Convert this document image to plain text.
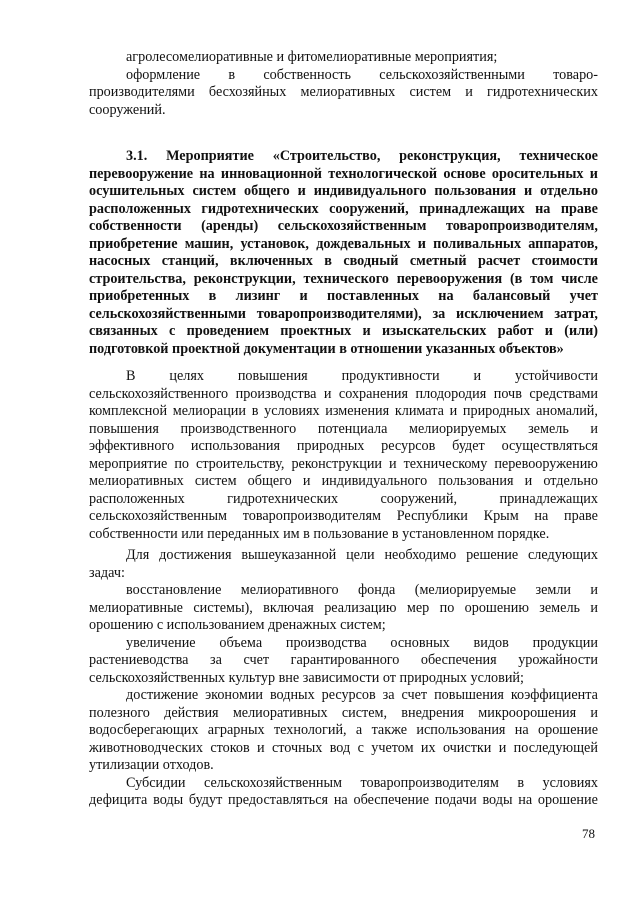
агролесомелиоративные и фитомелиоративные мероприятия;
оформление в собственность сельскохозяйственными товаро-
производителями бесхозяйных мелиоративных систем и гидротехнических
сооружений.
3.1. Мероприятие «Строительство, реконструкция, техническое
перевооружение на инновационной технологической основе оросительных и
осушительных систем общего и индивидуального пользования и отдельно
расположенных гидротехнических сооружений, принадлежащих на праве
собственности (аренды) сельскохозяйственным товаропроизводителям,
приобретение машин, установок, дождевальных и поливальных аппаратов,
насосных станций, включенных в сводный сметный расчет стоимости
строительства, реконструкции, технического перевооружения (в том числе
приобретенных в лизинг и поставленных на балансовый учет
сельскохозяйственными товаропроизводителями), за исключением затрат,
связанных с проведением проектных и изыскательских работ и (или)
подготовкой проектной документации в отношении указанных объектов»
В целях повышения продуктивности и устойчивости
сельскохозяйственного производства и сохранения плодородия почв средствами
комплексной мелиорации в условиях изменения климата и природных аномалий,
повышения производственного потенциала мелиорируемых земель и
эффективного использования природных ресурсов будет осуществляться
мероприятие по строительству, реконструкции и техническому перевооружению
мелиоративных систем общего и индивидуального пользования и отдельно
расположенных	гидротехнических	сооружений,	принадлежащих
сельскохозяйственным товаропроизводителям Республики Крым на праве
собственности или переданных им в пользование в установленном порядке.
Для достижения вышеуказанной цели необходимо решение следующих
задач:
восстановление мелиоративного фонда (мелиорируемые земли и
мелиоративные системы), включая реализацию мер по орошению земель и
орошению с использованием дренажных систем;
увеличение объема производства основных видов продукции
растениеводства за счет гарантированного обеспечения урожайности
сельскохозяйственных культур вне зависимости от природных условий;
достижение экономии водных ресурсов за счет повышения коэффициента
полезного действия мелиоративных систем, внедрения микроорошения и
водосберегающих аграрных технологий, а также использования на орошение
животноводческих стоков и сточных вод с учетом их очистки и последующей
утилизации отходов.
Субсидии сельскохозяйственным товаропроизводителям в условиях
дефицита воды будут предоставляться на обеспечение подачи воды на орошение
78
